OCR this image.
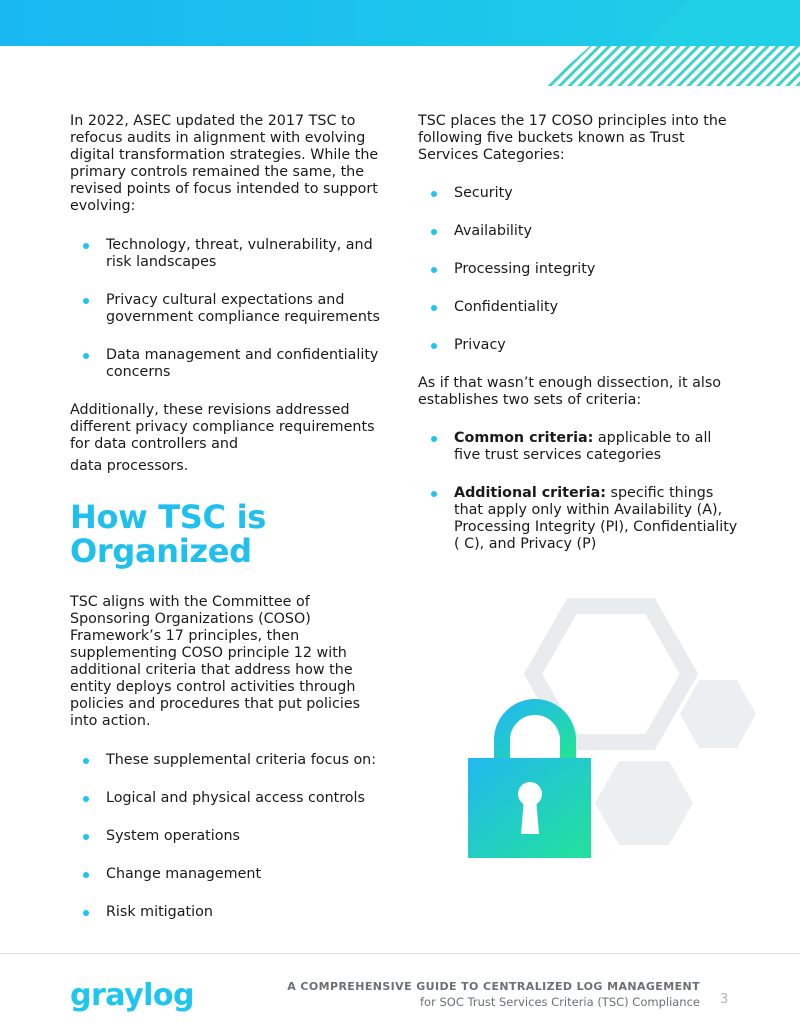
In 2022, ASEC updated the 2017 TSC to refocus audits in alignment with evolving digital transformation strategies. While the primary controls remained the same, the revised points of focus intended to support evolving:

Technology, threat, vulnerability, and risk landscapes
Privacy cultural expectations and government compliance requirements
Data management and confidentiality concerns

Additionally, these revisions addressed different privacy compliance requirements for data controllers and
data processors.

How TSC is
Organized

TSC aligns with the Committee of Sponsoring Organizations (COSO) Framework’s 17 principles, then supplementing COSO principle 12 with additional criteria that address how the entity deploys control activities through policies and procedures that put policies into action.

These supplemental criteria focus on:
Logical and physical access controls
System operations
Change management
Risk mitigation

TSC places the 17 COSO principles into the following five buckets known as Trust Services Categories:

Security
Availability
Processing integrity
Confidentiality
Privacy

As if that wasn’t enough dissection, it also establishes two sets of criteria:

Common criteria: applicable to all five trust services categories
Additional criteria: specific things that apply only within Availability (A), Processing Integrity (PI), Confidentiality ( C), and Privacy (P)
graylog	A COMPREHENSIVE GUIDE TO CENTRALIZED LOG MANAGEMENT
for SOC Trust Services Criteria (TSC) Compliance 3
